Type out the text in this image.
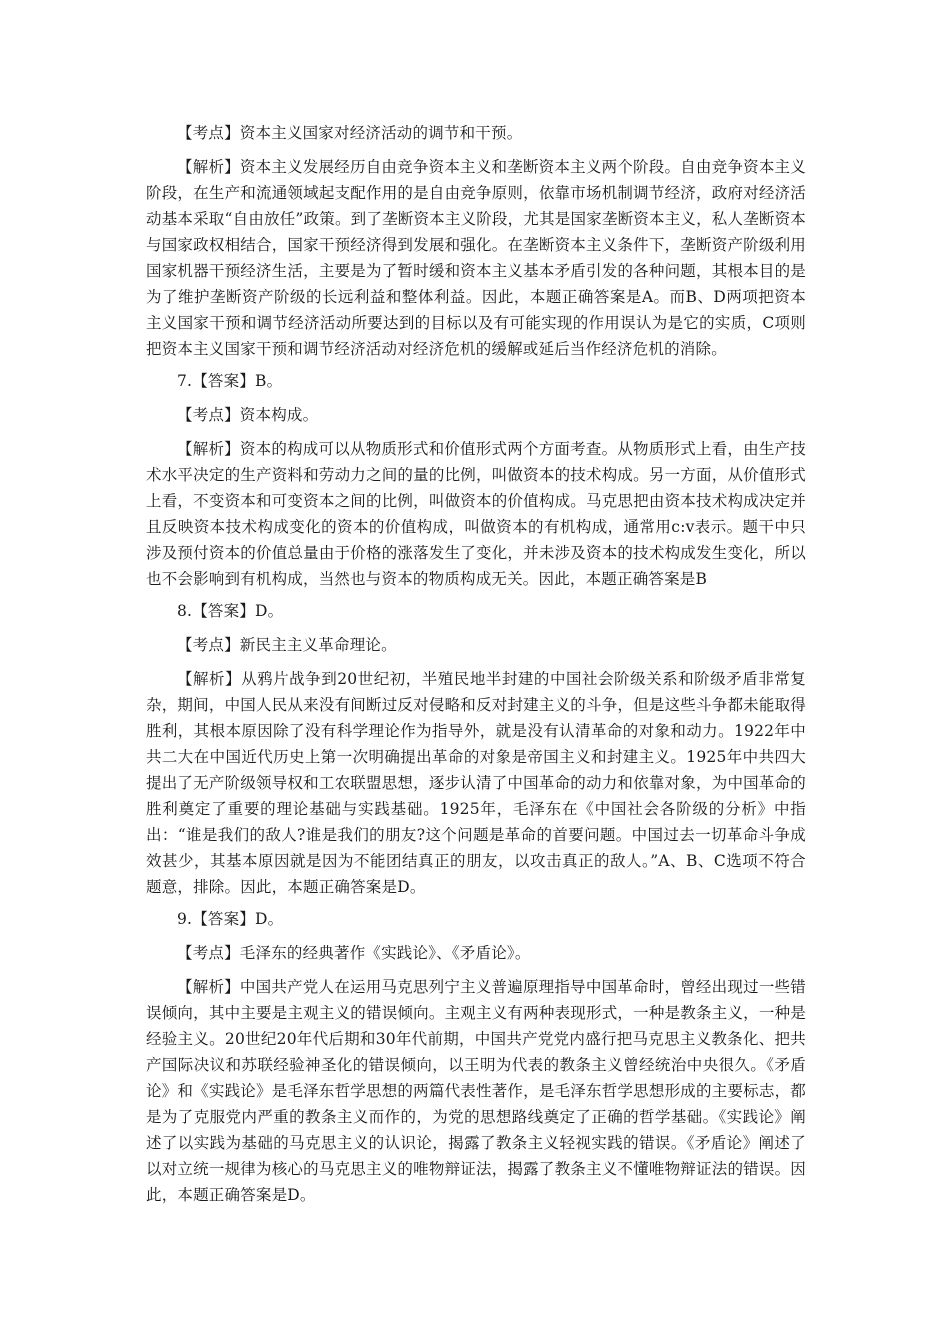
【考点】资本主义国家对经济活动的调节和干预。

【解析】资本主义发展经历自由竞争资本主义和垄断资本主义两个阶段。自由竞争资本主义阶段，在生产和流通领域起支配作用的是自由竞争原则，依靠市场机制调节经济，政府对经济活动基本采取“自由放任”政策。到了垄断资本主义阶段，尤其是国家垄断资本主义，私人垄断资本与国家政权相结合，国家干预经济得到发展和强化。在垄断资本主义条件下，垄断资产阶级利用国家机器干预经济生活，主要是为了暂时缓和资本主义基本矛盾引发的各种问题，其根本目的是为了维护垄断资产阶级的长远利益和整体利益。因此，本题正确答案是A。而B、D两项把资本主义国家干预和调节经济活动所要达到的目标以及有可能实现的作用误认为是它的实质，C项则把资本主义国家干预和调节经济活动对经济危机的缓解或延后当作经济危机的消除。

7.【答案】B。

【考点】资本构成。

【解析】资本的构成可以从物质形式和价值形式两个方面考查。从物质形式上看，由生产技术水平决定的生产资料和劳动力之间的量的比例，叫做资本的技术构成。另一方面，从价值形式上看，不变资本和可变资本之间的比例，叫做资本的价值构成。马克思把由资本技术构成决定并且反映资本技术构成变化的资本的价值构成，叫做资本的有机构成，通常用c:v表示。题干中只涉及预付资本的价值总量由于价格的涨落发生了变化，并未涉及资本的技术构成发生变化，所以也不会影响到有机构成，当然也与资本的物质构成无关。因此，本题正确答案是B

8.【答案】D。

【考点】新民主主义革命理论。

【解析】从鸦片战争到20世纪初，半殖民地半封建的中国社会阶级关系和阶级矛盾非常复杂，期间，中国人民从来没有间断过反对侵略和反对封建主义的斗争，但是这些斗争都未能取得胜利，其根本原因除了没有科学理论作为指导外，就是没有认清革命的对象和动力。1922年中共二大在中国近代历史上第一次明确提出革命的对象是帝国主义和封建主义。1925年中共四大提出了无产阶级领导权和工农联盟思想，逐步认清了中国革命的动力和依靠对象，为中国革命的胜利奠定了重要的理论基础与实践基础。1925年，毛泽东在《中国社会各阶级的分析》中指出：“谁是我们的敌人?谁是我们的朋友?这个问题是革命的首要问题。中国过去一切革命斗争成效甚少，其基本原因就是因为不能团结真正的朋友，以攻击真正的敌人。”A、B、C选项不符合题意，排除。因此，本题正确答案是D。

9.【答案】D。

【考点】毛泽东的经典著作《实践论》、《矛盾论》。

【解析】中国共产党人在运用马克思列宁主义普遍原理指导中国革命时，曾经出现过一些错误倾向，其中主要是主观主义的错误倾向。主观主义有两种表现形式，一种是教条主义，一种是经验主义。20世纪20年代后期和30年代前期，中国共产党党内盛行把马克思主义教条化、把共产国际决议和苏联经验神圣化的错误倾向，以王明为代表的教条主义曾经统治中央很久。《矛盾论》和《实践论》是毛泽东哲学思想的两篇代表性著作，是毛泽东哲学思想形成的主要标志，都是为了克服党内严重的教条主义而作的，为党的思想路线奠定了正确的哲学基础。《实践论》阐述了以实践为基础的马克思主义的认识论，揭露了教条主义轻视实践的错误。《矛盾论》阐述了以对立统一规律为核心的马克思主义的唯物辩证法，揭露了教条主义不懂唯物辩证法的错误。因此，本题正确答案是D。
